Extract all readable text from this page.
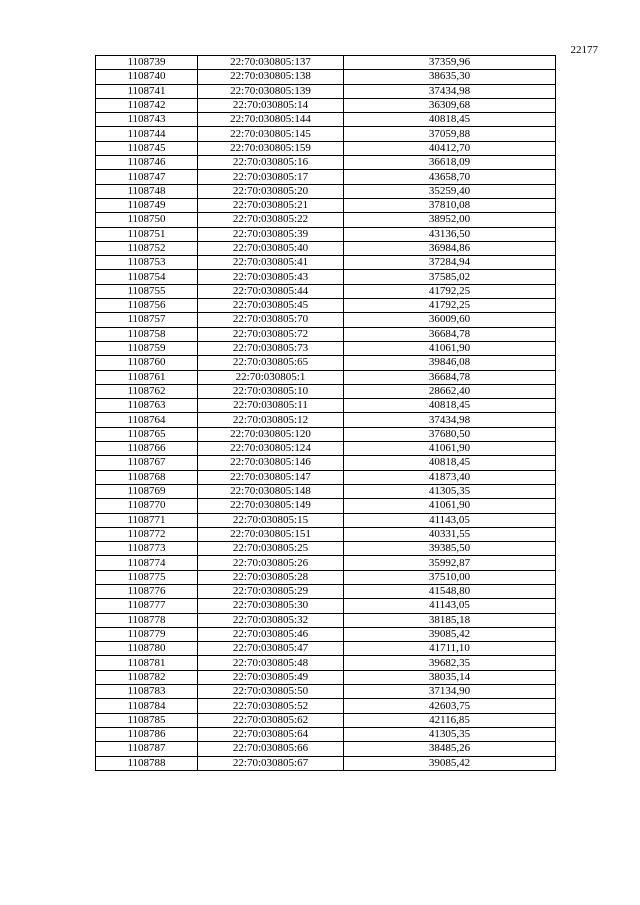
22177
1108739	22:70:030805:137	37359,96
1108740	22:70:030805:138	38635,30
1108741	22:70:030805:139	37434,98
1108742	22:70:030805:14	36309,68
1108743	22:70:030805:144	40818,45
1108744	22:70:030805:145	37059,88
1108745	22:70:030805:159	40412,70
1108746	22:70:030805:16	36618,09
1108747	22:70:030805:17	43658,70
1108748	22:70:030805:20	35259,40
1108749	22:70:030805:21	37810,08
1108750	22:70:030805:22	38952,00
1108751	22:70:030805:39	43136,50
1108752	22:70:030805:40	36984,86
1108753	22:70:030805:41	37284,94
1108754	22:70:030805:43	37585,02
1108755	22:70:030805:44	41792,25
1108756	22:70:030805:45	41792,25
1108757	22:70:030805:70	36009,60
1108758	22:70:030805:72	36684,78
1108759	22:70:030805:73	41061,90
1108760	22:70:030805:65	39846,08
1108761	22:70:030805:1	36684,78
1108762	22:70:030805:10	28662,40
1108763	22:70:030805:11	40818,45
1108764	22:70:030805:12	37434,98
1108765	22:70:030805:120	37680,50
1108766	22:70:030805:124	41061,90
1108767	22:70:030805:146	40818,45
1108768	22:70:030805:147	41873,40
1108769	22:70:030805:148	41305,35
1108770	22:70:030805:149	41061,90
1108771	22:70:030805:15	41143,05
1108772	22:70:030805:151	40331,55
1108773	22:70:030805:25	39385,50
1108774	22:70:030805:26	35992,87
1108775	22:70:030805:28	37510,00
1108776	22:70:030805:29	41548,80
1108777	22:70:030805:30	41143,05
1108778	22:70:030805:32	38185,18
1108779	22:70:030805:46	39085,42
1108780	22:70:030805:47	41711,10
1108781	22:70:030805:48	39682,35
1108782	22:70:030805:49	38035,14
1108783	22:70:030805:50	37134,90
1108784	22:70:030805:52	42603,75
1108785	22:70:030805:62	42116,85
1108786	22:70:030805:64	41305,35
1108787	22:70:030805:66	38485,26
1108788	22:70:030805:67	39085,42
